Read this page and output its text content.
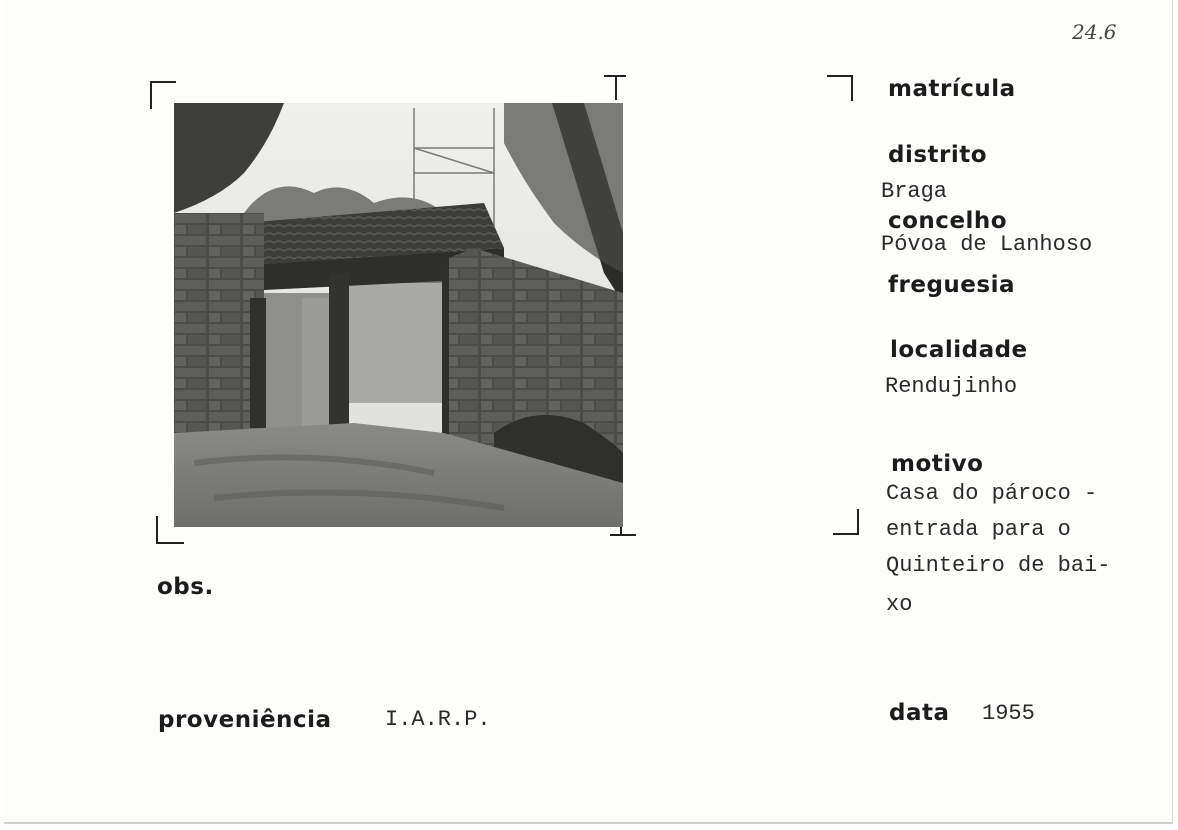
24.6
matrícula
distrito
Braga
concelho
Póvoa de Lanhoso
freguesia
localidade
Rendujinho
motivo
Casa do pároco -
entrada para o
Quinteiro de bai-
xo
obs.
proveniência I.A.R.P.	data 1955
